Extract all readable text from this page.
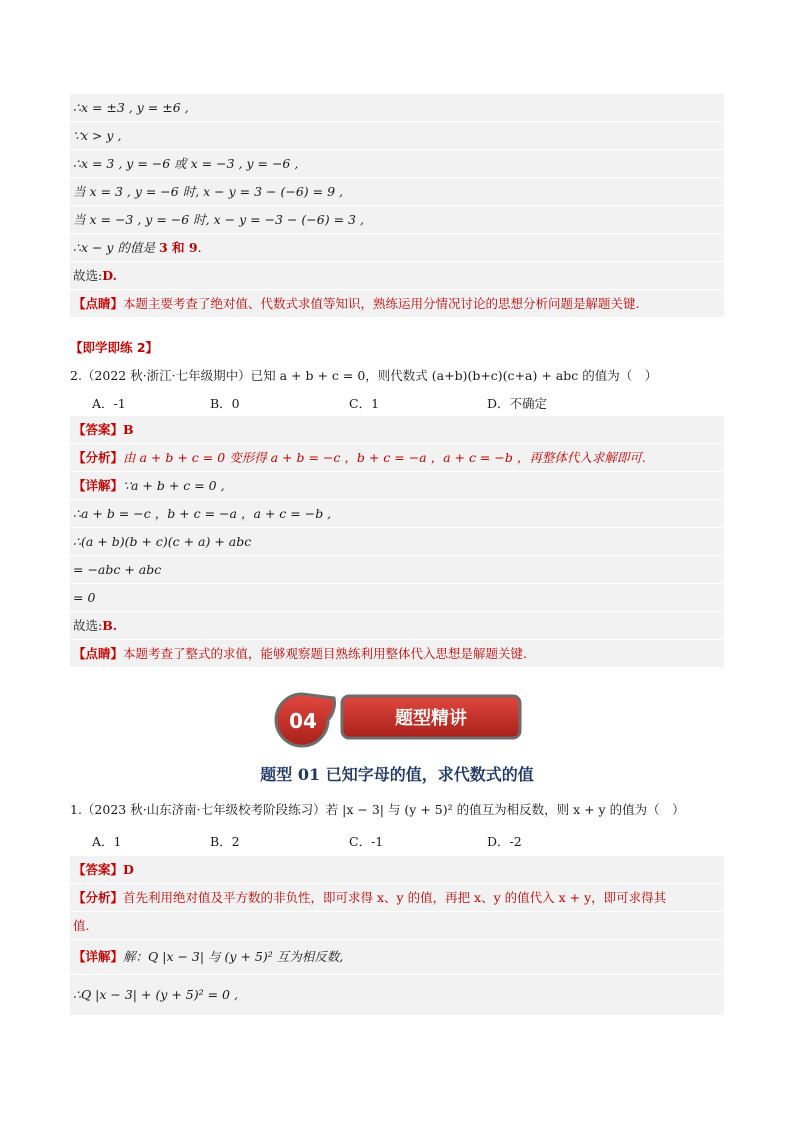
∴x = ±3 , y = ±6 ,
∵x > y ,
∴x = 3 , y = −6 或 x = −3 , y = −6 ,
当 x = 3 , y = −6 时, x − y = 3 − (−6) = 9 ,
当 x = −3 , y = −6 时, x − y = −3 − (−6) = 3 ,
∴x − y 的值是 3 和 9.
故选:D.
【点睛】本题主要考查了绝对值、代数式求值等知识，熟练运用分情况讨论的思想分析问题是解题关键.
【即学即练 2】
2.（2022 秋·浙江·七年级期中）已知 a + b + c = 0，则代数式 (a+b)(b+c)(c+a) + abc 的值为（　）
A．-1	B．0	C．1	D．不确定
【答案】B
【分析】由 a + b + c = 0 变形得 a + b = −c ，b + c = −a ，a + c = −b ，再整体代入求解即可.
【详解】∵a + b + c = 0 ,
∴a + b = −c ，b + c = −a ，a + c = −b ,
∴(a + b)(b + c)(c + a) + abc
= −abc + abc
= 0
故选:B.
【点睛】本题考查了整式的求值，能够观察题目熟练利用整体代入思想是解题关键.
04	题型精讲
题型 01 已知字母的值，求代数式的值
1.（2023 秋·山东济南·七年级校考阶段练习）若 |x − 3| 与 (y + 5)² 的值互为相反数，则 x + y 的值为（　）
A．1	B．2	C．-1	D．-2
【答案】D
【分析】首先利用绝对值及平方数的非负性，即可求得 x、y 的值，再把 x、y 的值代入 x + y，即可求得其
值.
【详解】解：Q |x − 3| 与 (y + 5)² 互为相反数,
∴Q |x − 3| + (y + 5)² = 0 ,
